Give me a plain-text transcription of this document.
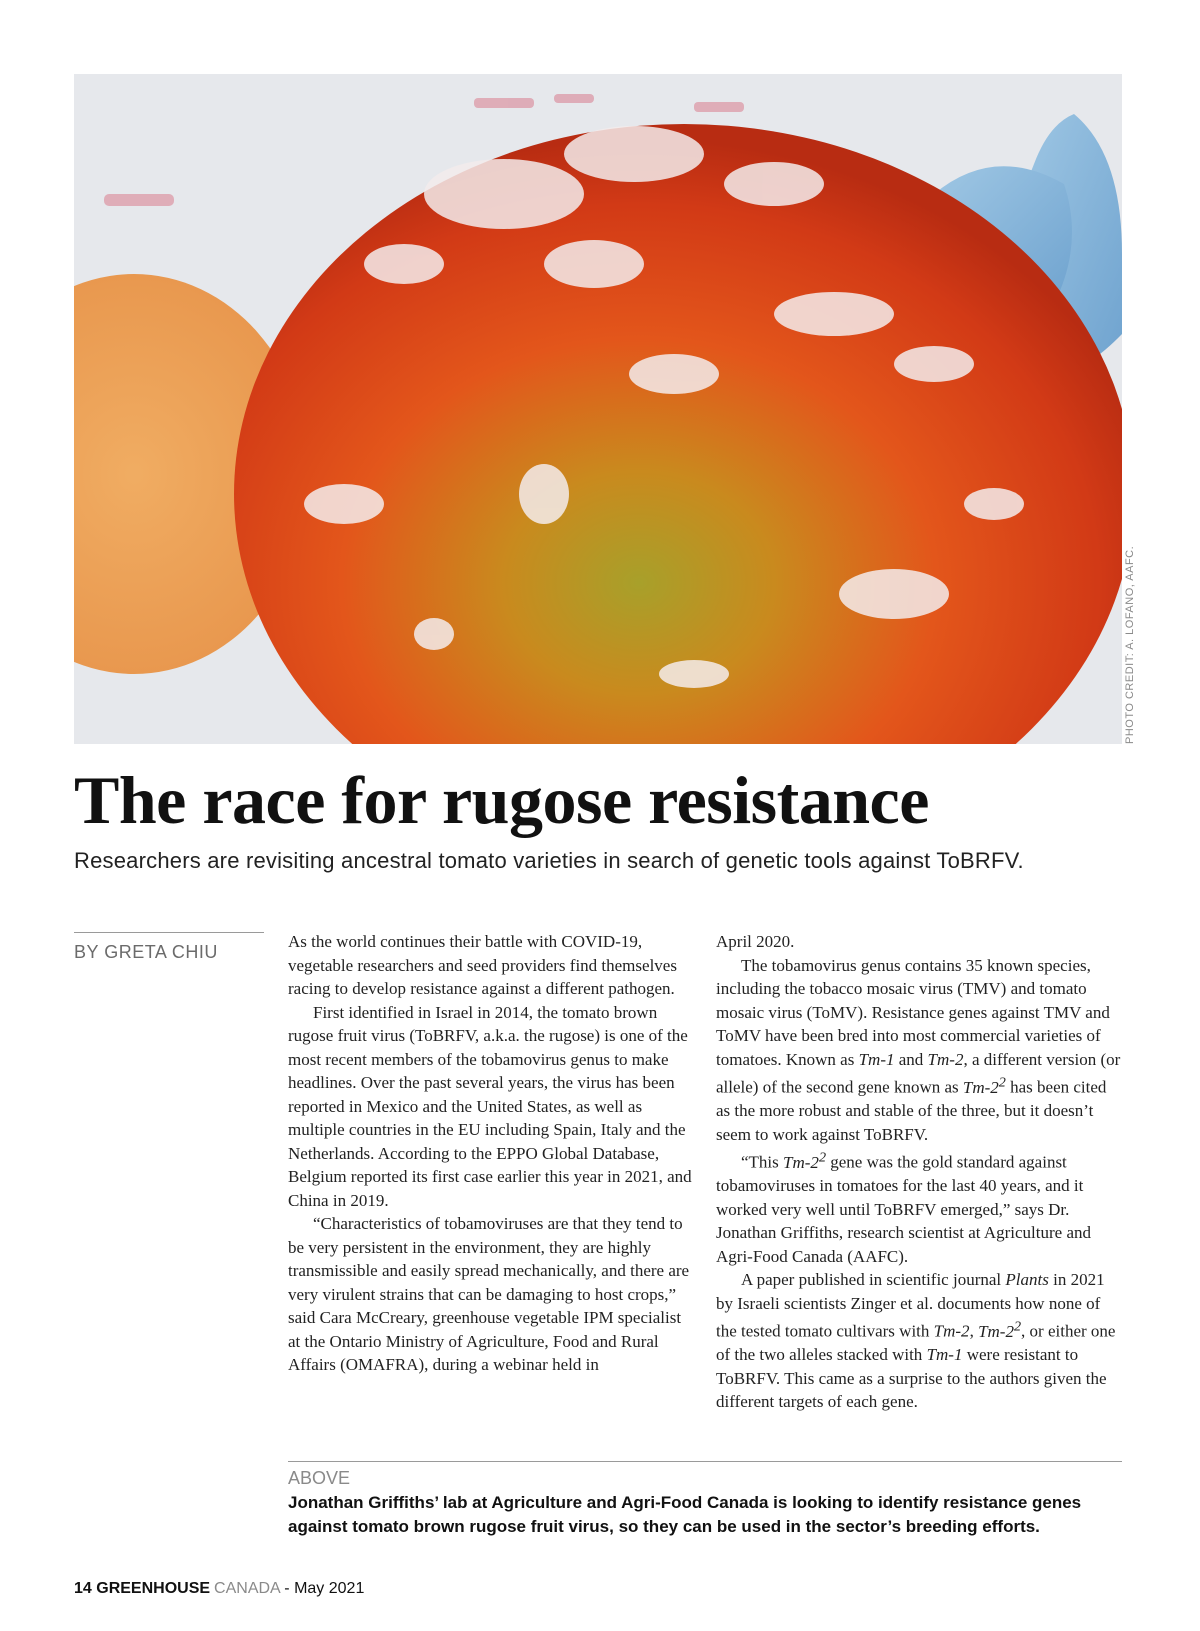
PHOTO CREDIT: A. LOFANO, AAFC.
The race for rugose resistance

Researchers are revisiting ancestral tomato varieties in search of genetic tools against ToBRFV.

BY GRETA CHIU

As the world continues their battle with COVID-19, vegetable researchers and seed providers find themselves racing to develop resistance against a different pathogen.

First identified in Israel in 2014, the tomato brown rugose fruit virus (ToBRFV, a.k.a. the rugose) is one of the most recent members of the tobamovirus genus to make headlines. Over the past several years, the virus has been reported in Mexico and the United States, as well as multiple countries in the EU including Spain, Italy and the Netherlands. According to the EPPO Global Database, Belgium reported its first case earlier this year in 2021, and China in 2019.

“Characteristics of tobamoviruses are that they tend to be very persistent in the environment, they are highly transmissible and easily spread mechanically, and there are very virulent strains that can be damaging to host crops,” said Cara McCreary, greenhouse vegetable IPM specialist at the Ontario Ministry of Agriculture, Food and Rural Affairs (OMAFRA), during a webinar held in

April 2020.

The tobamovirus genus contains 35 known species, including the tobacco mosaic virus (TMV) and tomato mosaic virus (ToMV). Resistance genes against TMV and ToMV have been bred into most commercial varieties of tomatoes. Known as Tm-1 and Tm-2, a different version (or allele) of the second gene known as $Tm-2^2$ has been cited as the more robust and stable of the three, but it doesn’t seem to work against ToBRFV.

“This $Tm-2^2$ gene was the gold standard against tobamoviruses in tomatoes for the last 40 years, and it worked very well until ToBRFV emerged,” says Dr. Jonathan Griffiths, research scientist at Agriculture and Agri-Food Canada (AAFC).

A paper published in scientific journal Plants in 2021 by Israeli scientists Zinger et al. documents how none of the tested tomato cultivars with Tm-2, $Tm-2^2$, or either one of the two alleles stacked with Tm-1 were resistant to ToBRFV. This came as a surprise to the authors given the different targets of each gene.

ABOVE
Jonathan Griffiths’ lab at Agriculture and Agri-Food Canada is looking to identify resistance genes against tomato brown rugose fruit virus, so they can be used in the sector’s breeding efforts.
14 GREENHOUSE CANADA - May 2021
